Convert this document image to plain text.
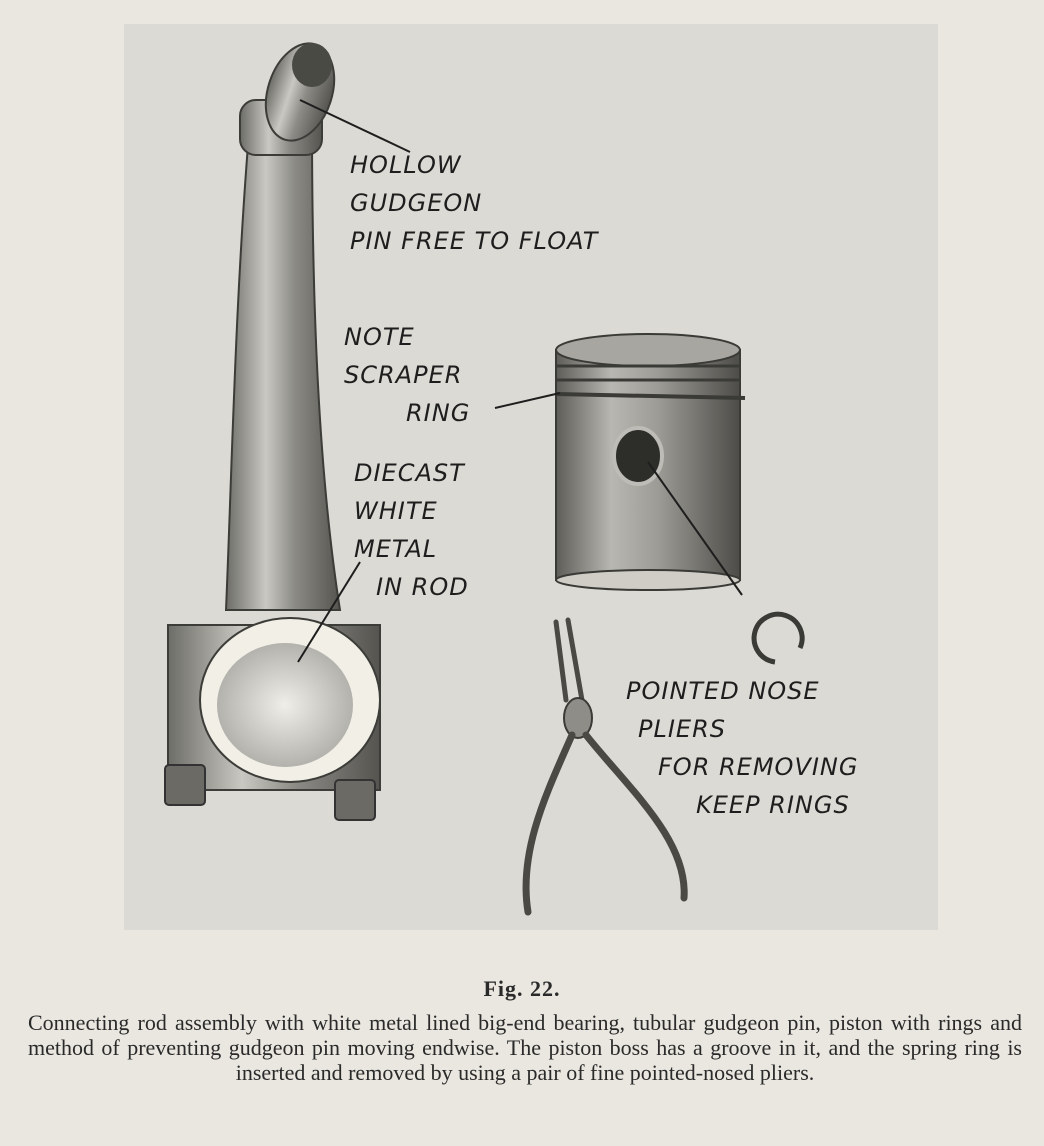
HOLLOW
GUDGEON
PIN FREE TO FLOAT
NOTE
SCRAPER
RING
DIECAST
WHITE
METAL
IN ROD
POINTED NOSE
PLIERS
FOR REMOVING
KEEP RINGS
Fig. 22.
Connecting rod assembly with white metal lined big-end bearing, tubular gudgeon pin, piston with rings and method of preventing gudgeon pin moving endwise. The piston boss has a groove in it, and the spring ring is inserted and removed by using a pair of fine pointed-nosed pliers.
